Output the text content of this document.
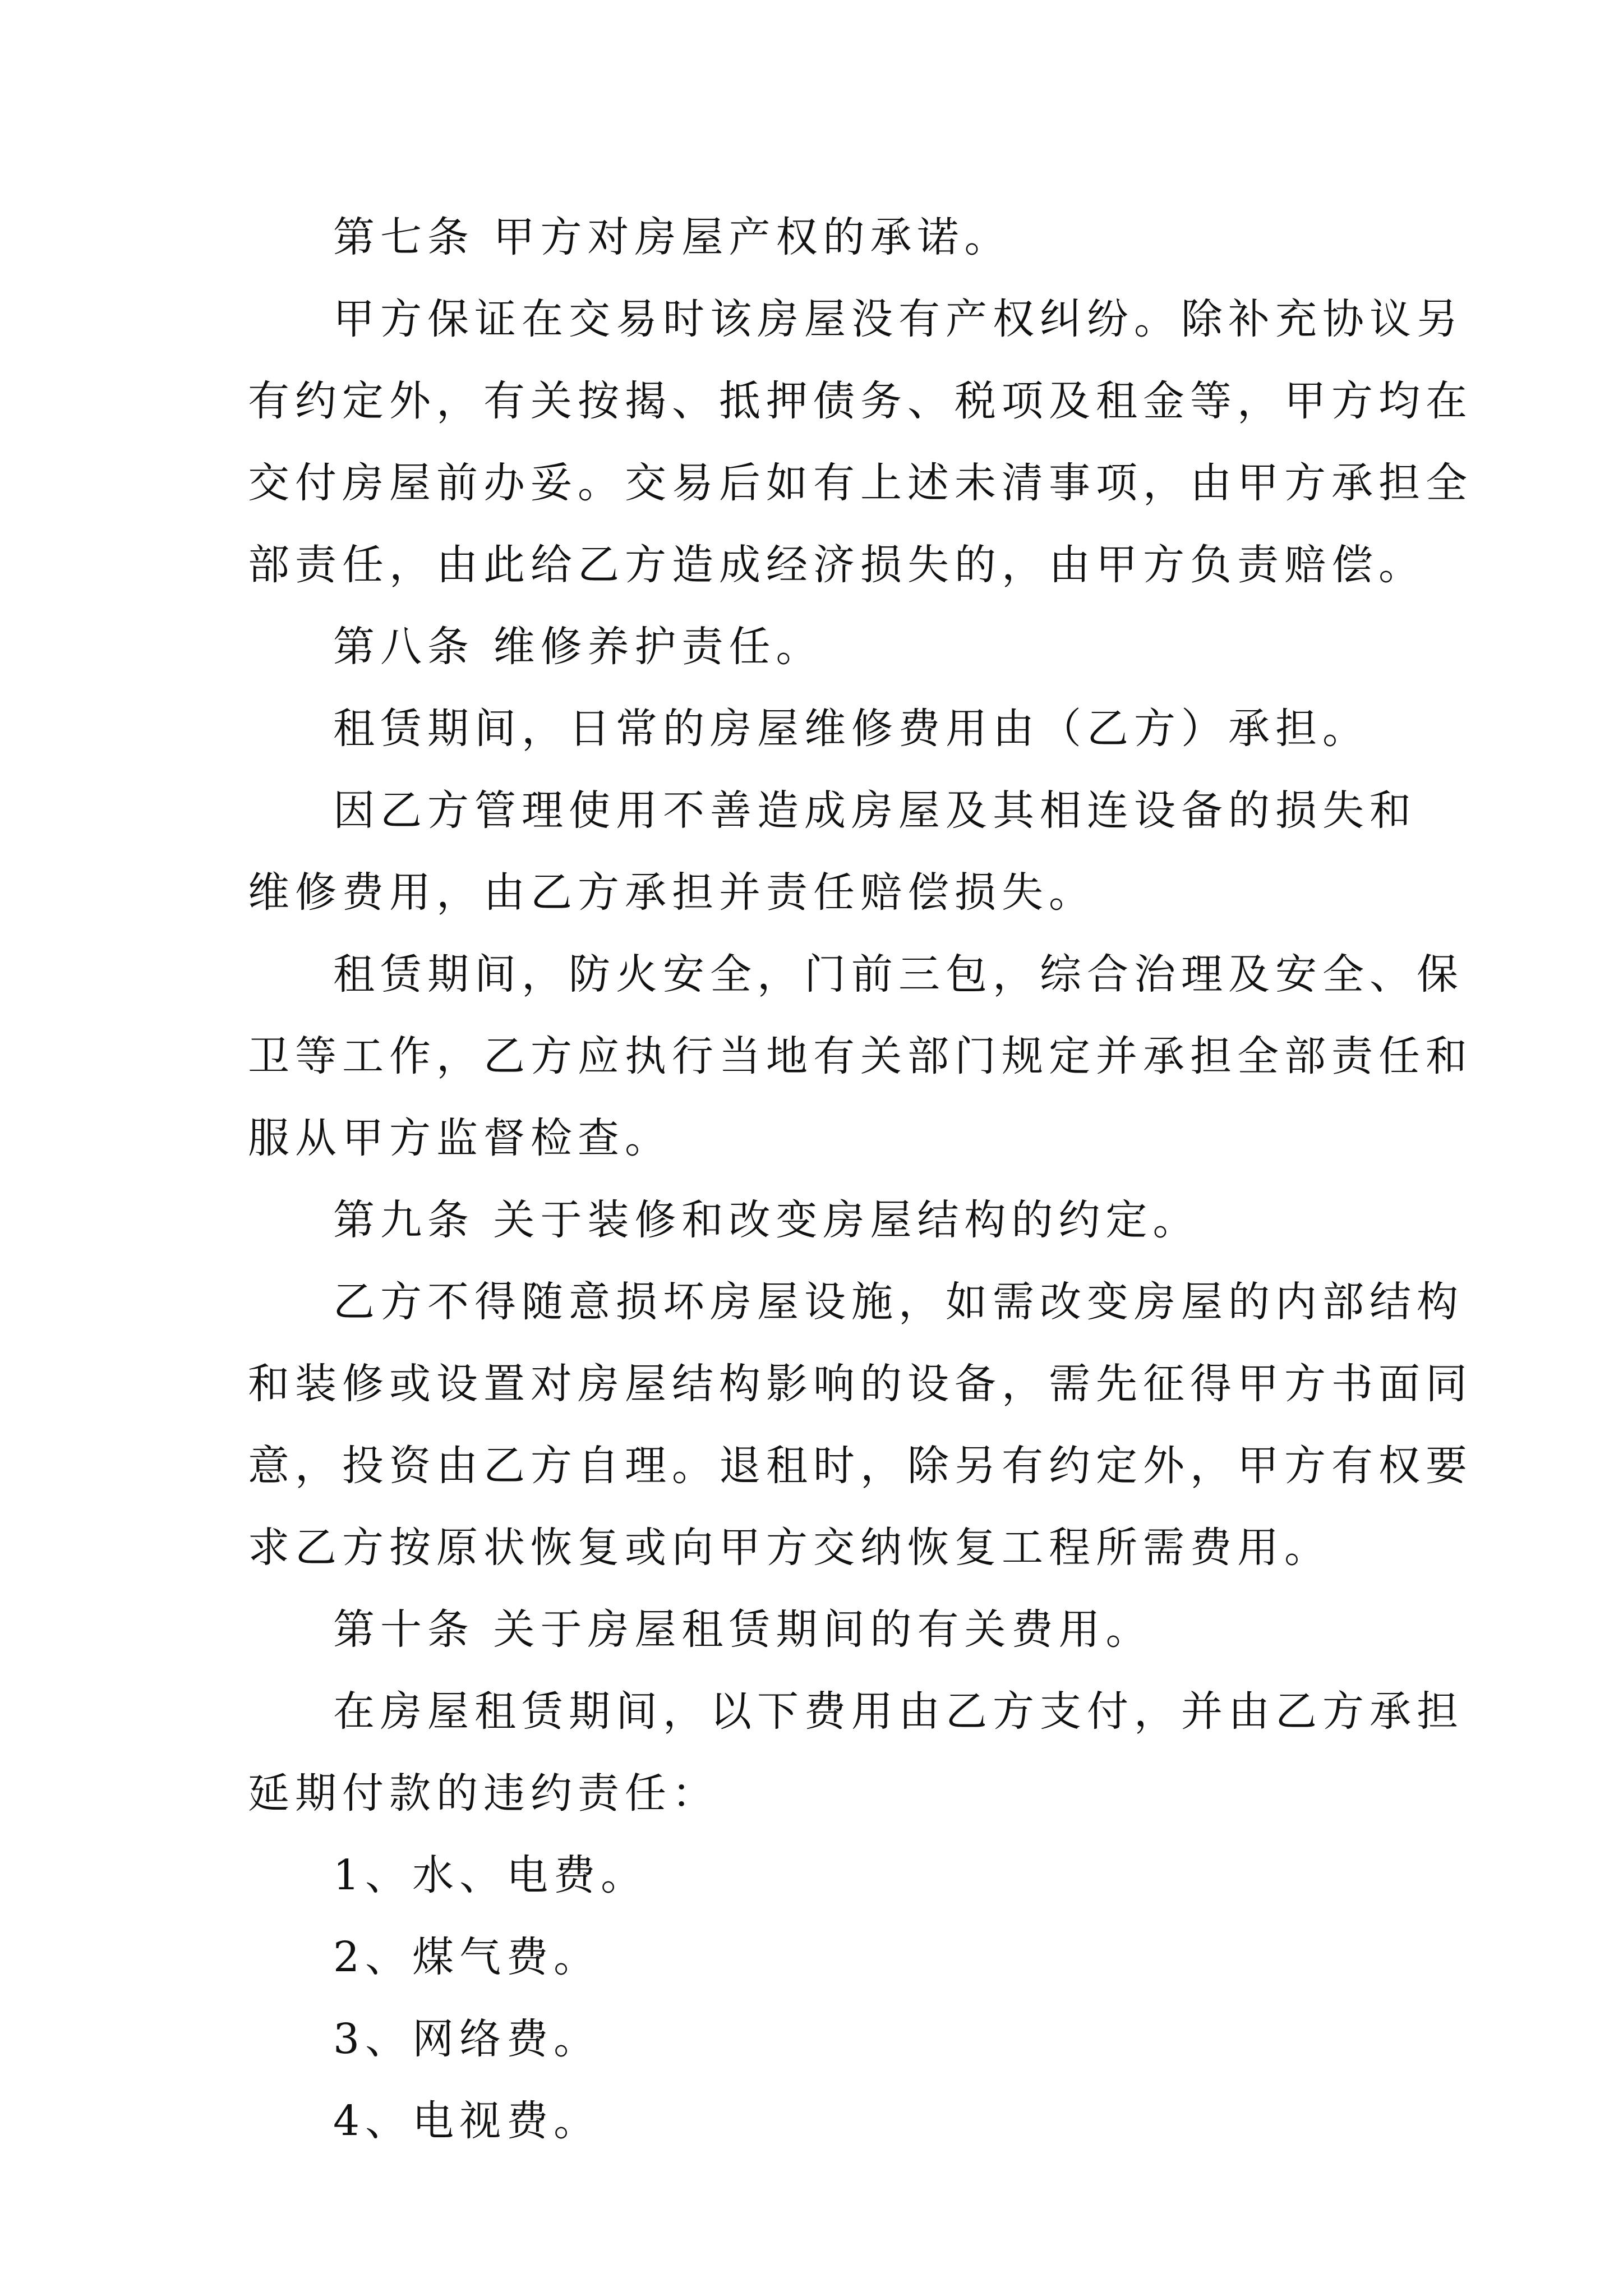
第七条 甲方对房屋产权的承诺。

甲方保证在交易时该房屋没有产权纠纷。除补充协议另

有约定外，有关按揭、抵押债务、税项及租金等，甲方均在

交付房屋前办妥。交易后如有上述未清事项，由甲方承担全

部责任，由此给乙方造成经济损失的，由甲方负责赔偿。

第八条 维修养护责任。

租赁期间，日常的房屋维修费用由（乙方）承担。

因乙方管理使用不善造成房屋及其相连设备的损失和

维修费用，由乙方承担并责任赔偿损失。

租赁期间，防火安全，门前三包，综合治理及安全、保

卫等工作，乙方应执行当地有关部门规定并承担全部责任和

服从甲方监督检查。

第九条 关于装修和改变房屋结构的约定。

乙方不得随意损坏房屋设施，如需改变房屋的内部结构

和装修或设置对房屋结构影响的设备，需先征得甲方书面同

意，投资由乙方自理。退租时，除另有约定外，甲方有权要

求乙方按原状恢复或向甲方交纳恢复工程所需费用。

第十条 关于房屋租赁期间的有关费用。

在房屋租赁期间，以下费用由乙方支付，并由乙方承担

延期付款的违约责任：

1、水、电费。

2、煤气费。

3、网络费。

4、电视费。
